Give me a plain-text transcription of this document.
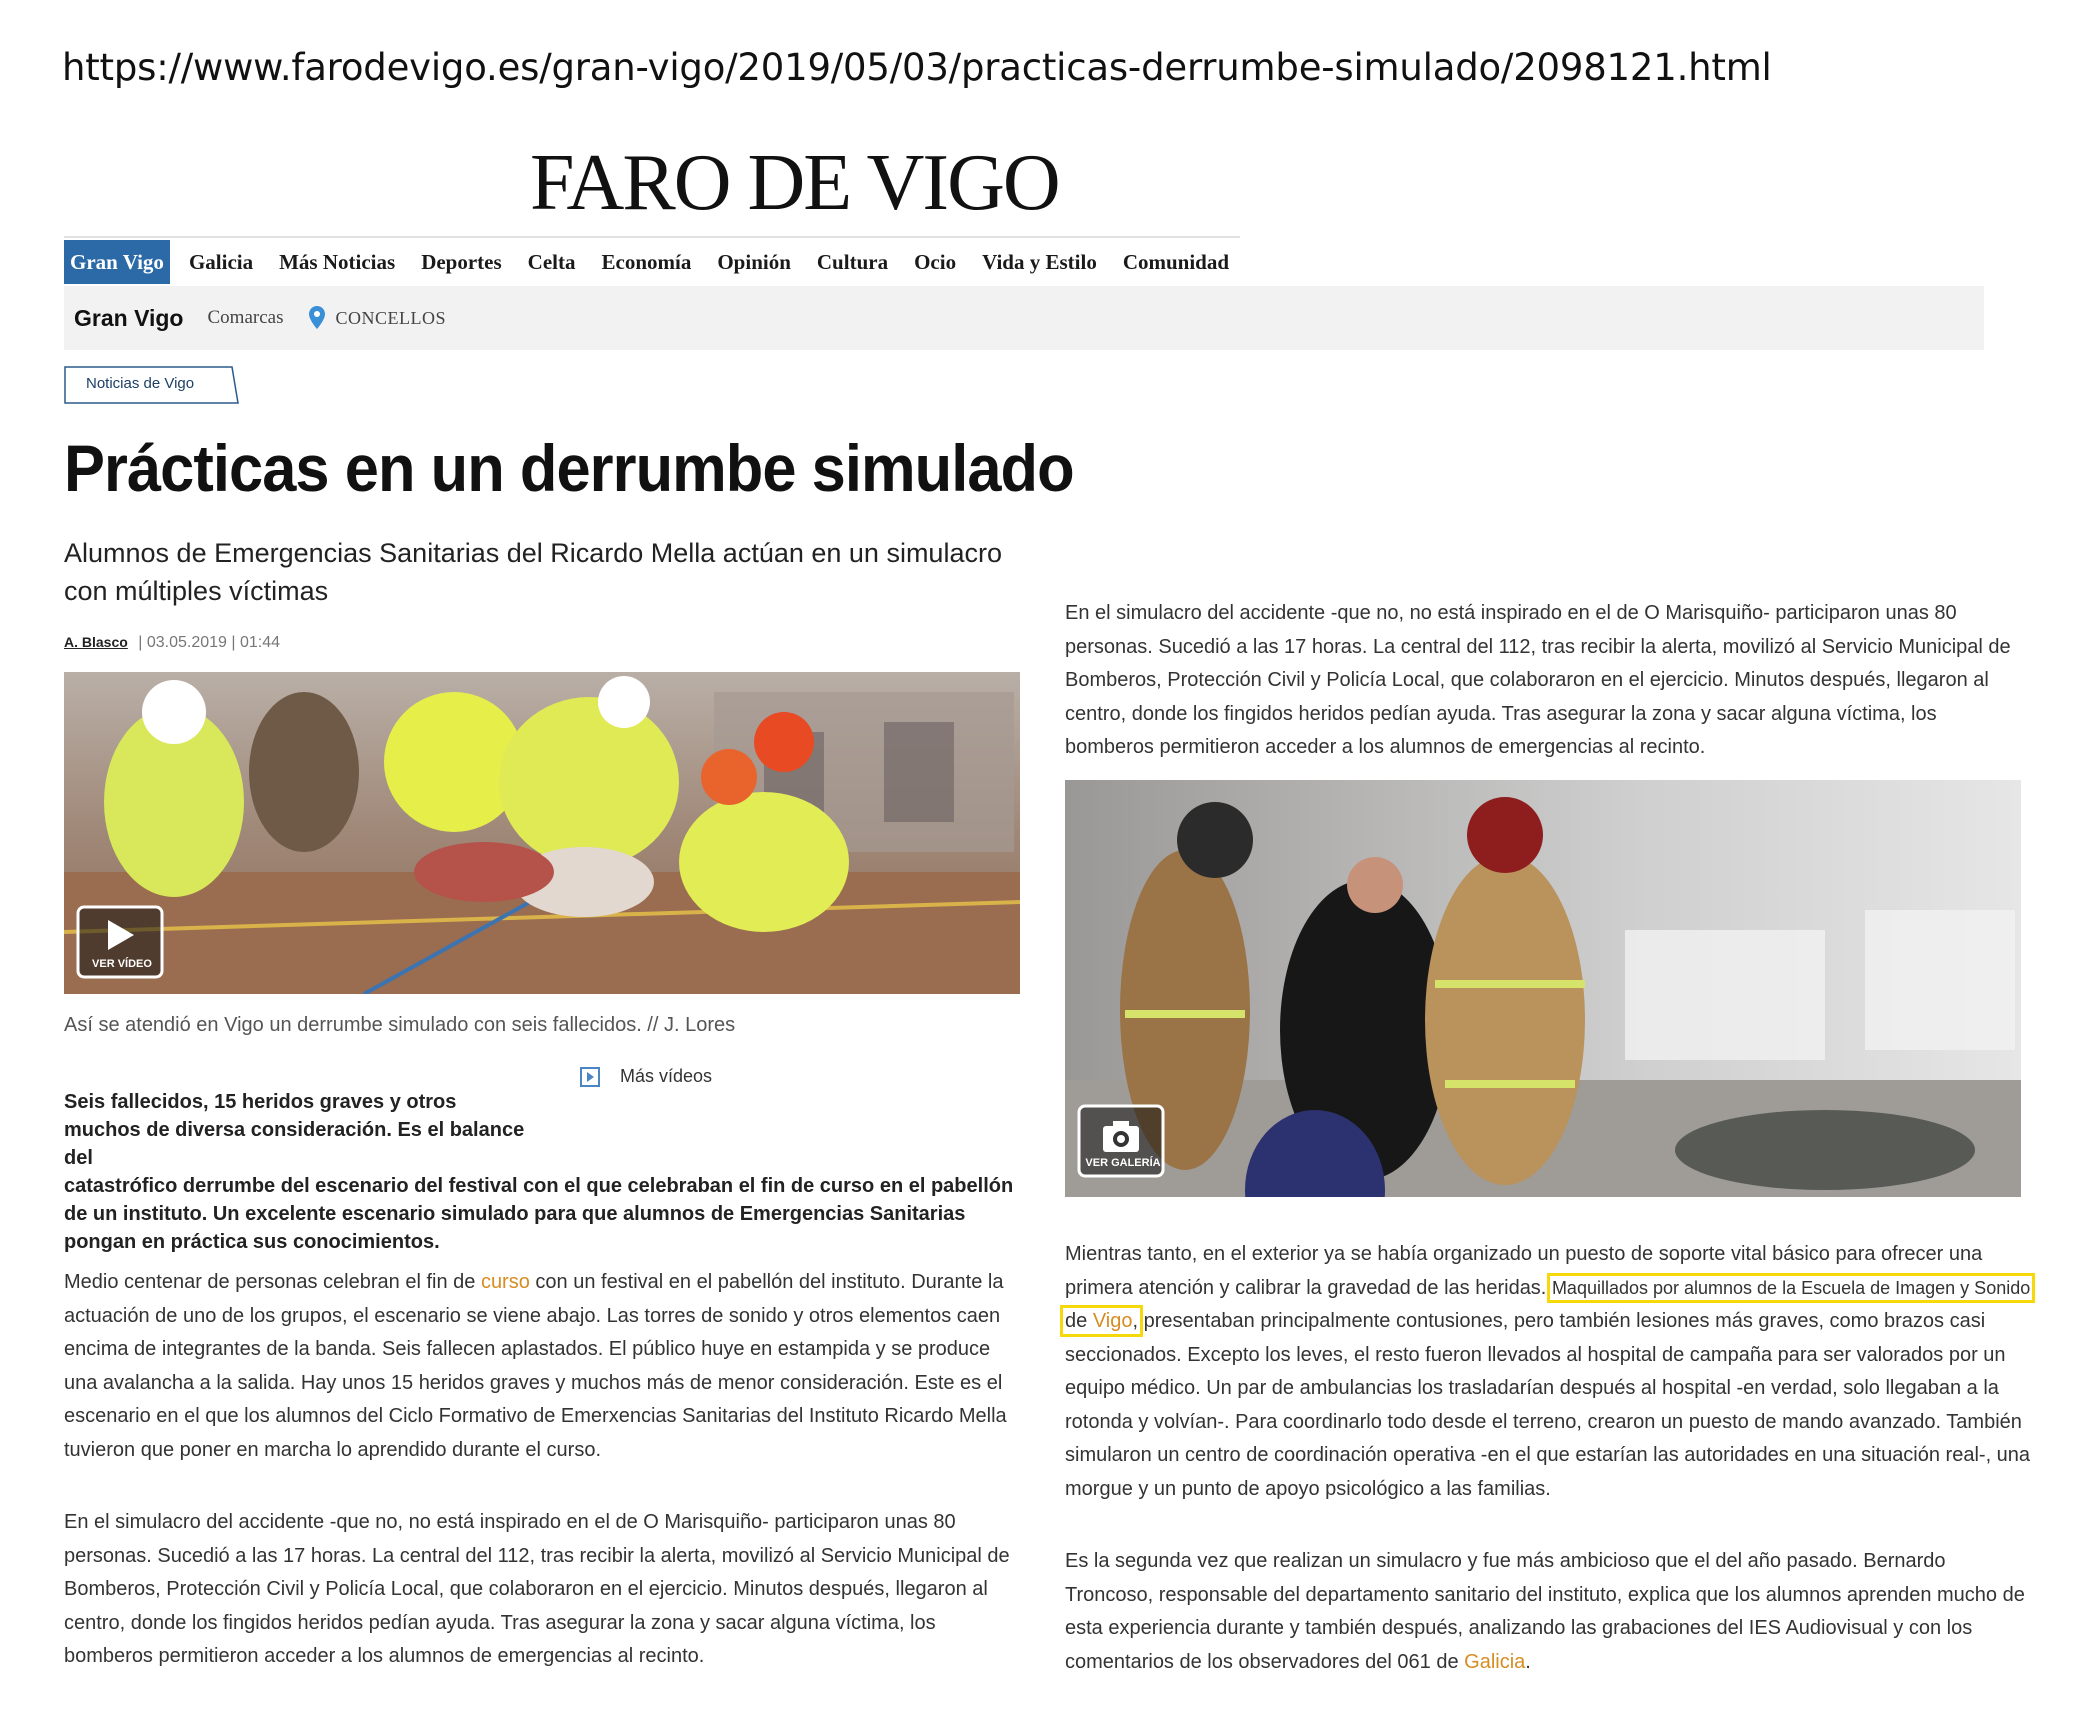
https://www.farodevigo.es/gran-vigo/2019/05/03/practicas-derrumbe-simulado/2098121.html
FARO DE VIGO
Gran Vigo	Galicia	Más Noticias	Deportes	Celta	Economía	Opinión	Cultura	Ocio	Vida y Estilo	Comunidad
Gran Vigo Comarcas	CONCELLOS
Noticias de Vigo
Prácticas en un derrumbe simulado
Alumnos de Emergencias Sanitarias del Ricardo Mella actúan en un simulacro con múltiples víctimas
A. Blasco | 03.05.2019 | 01:44
VER VÍDEO
Así se atendió en Vigo un derrumbe simulado con seis fallecidos. // J. Lores
Más vídeos
Seis fallecidos, 15 heridos graves y otros muchos de diversa consideración. Es el balance del
catastrófico derrumbe del escenario del festival con el que celebraban el fin de curso en el pabellón de un instituto. Un excelente escenario simulado para que alumnos de Emergencias Sanitarias pongan en práctica sus conocimientos.
Medio centenar de personas celebran el fin de curso con un festival en el pabellón del instituto. Durante la actuación de uno de los grupos, el escenario se viene abajo. Las torres de sonido y otros elementos caen encima de integrantes de la banda. Seis fallecen aplastados. El público huye en estampida y se produce una avalancha a la salida. Hay unos 15 heridos graves y muchos más de menor consideración. Este es el escenario en el que los alumnos del Ciclo Formativo de Emerxencias Sanitarias del Instituto Ricardo Mella tuvieron que poner en marcha lo aprendido durante el curso.
En el simulacro del accidente -que no, no está inspirado en el de O Marisquiño- participaron unas 80 personas. Sucedió a las 17 horas. La central del 112, tras recibir la alerta, movilizó al Servicio Municipal de Bomberos, Protección Civil y Policía Local, que colaboraron en el ejercicio. Minutos después, llegaron al centro, donde los fingidos heridos pedían ayuda. Tras asegurar la zona y sacar alguna víctima, los bomberos permitieron acceder a los alumnos de emergencias al recinto.
En el simulacro del accidente -que no, no está inspirado en el de O Marisquiño- participaron unas 80 personas. Sucedió a las 17 horas. La central del 112, tras recibir la alerta, movilizó al Servicio Municipal de Bomberos, Protección Civil y Policía Local, que colaboraron en el ejercicio. Minutos después, llegaron al centro, donde los fingidos heridos pedían ayuda. Tras asegurar la zona y sacar alguna víctima, los bomberos permitieron acceder a los alumnos de emergencias al recinto.
VER GALERÍA
Mientras tanto, en el exterior ya se había organizado un puesto de soporte vital básico para ofrecer una primera atención y calibrar la gravedad de las heridas. Maquillados por alumnos de la Escuela de Imagen y Sonido
de Vigo, presentaban principalmente contusiones, pero también lesiones más graves, como brazos casi seccionados. Excepto los leves, el resto fueron llevados al hospital de campaña para ser valorados por un equipo médico. Un par de ambulancias los trasladarían después al hospital -en verdad, solo llegaban a la rotonda y volvían-. Para coordinarlo todo desde el terreno, crearon un puesto de mando avanzado. También simularon un centro de coordinación operativa -en el que estarían las autoridades en una situación real-, una morgue y un punto de apoyo psicológico a las familias.
Es la segunda vez que realizan un simulacro y fue más ambicioso que el del año pasado. Bernardo Troncoso, responsable del departamento sanitario del instituto, explica que los alumnos aprenden mucho de esta experiencia durante y también después, analizando las grabaciones del IES Audiovisual y con los comentarios de los observadores del 061 de Galicia.
